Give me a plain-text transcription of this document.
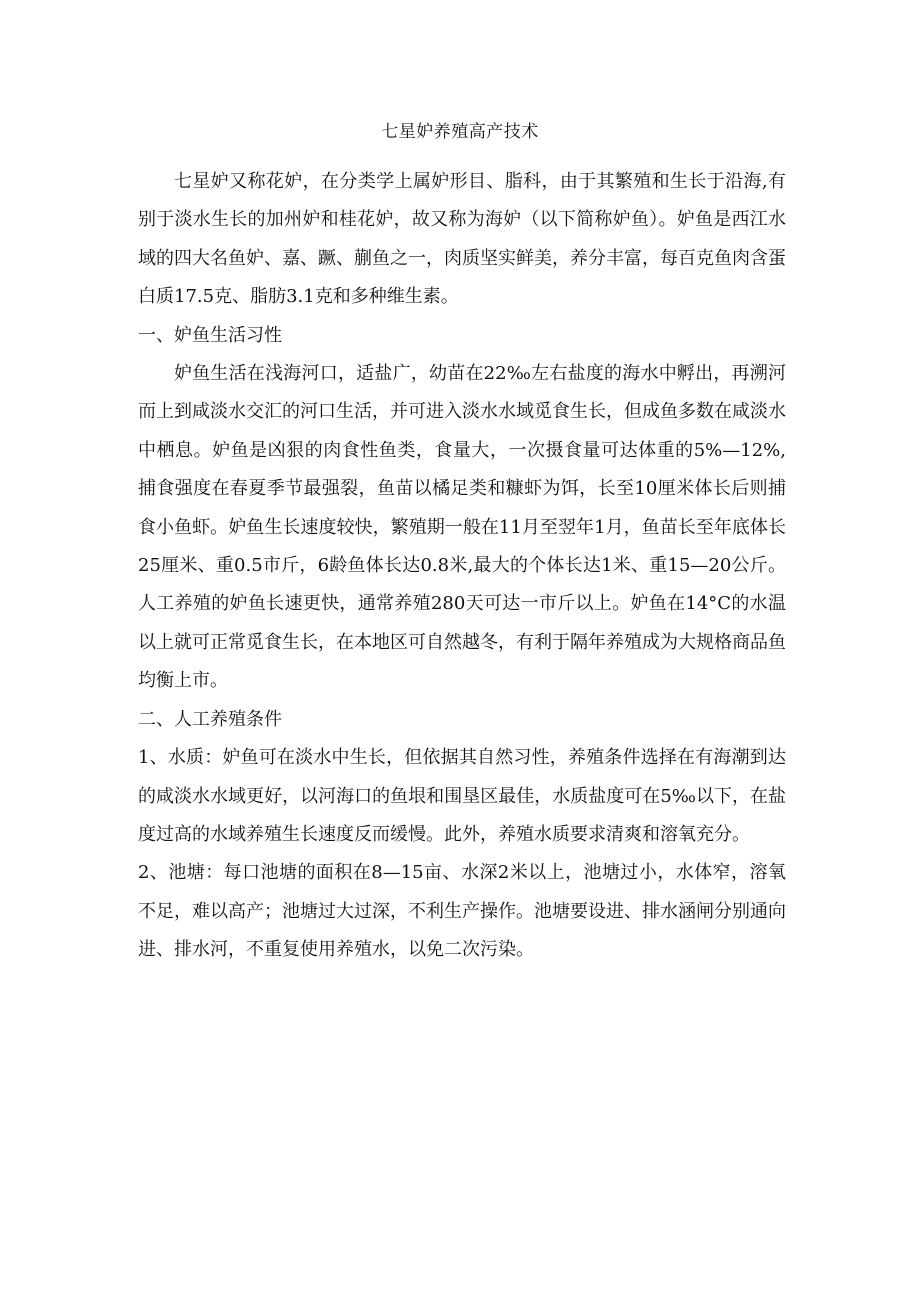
七星妒养殖高产技术

七星妒又称花妒，在分类学上属妒形目、脂科，由于其繁殖和生长于沿海,有别于淡水生长的加州妒和桂花妒，故又称为海妒（以下简称妒鱼）。妒鱼是西江水域的四大名鱼妒、嘉、蹶、蒯鱼之一，肉质坚实鲜美，养分丰富，每百克鱼肉含蛋白质17.5克、脂肪3.1克和多种维生素。

一、妒鱼生活习性

妒鱼生活在浅海河口，适盐广，幼苗在22‰左右盐度的海水中孵出，再溯河而上到咸淡水交汇的河口生活，并可进入淡水水域觅食生长，但成鱼多数在咸淡水中栖息。妒鱼是凶狠的肉食性鱼类，食量大，一次摄食量可达体重的5%—12%,捕食强度在春夏季节最强裂，鱼苗以橘足类和糠虾为饵，长至10厘米体长后则捕食小鱼虾。妒鱼生长速度较快，繁殖期一般在11月至翌年1月，鱼苗长至年底体长25厘米、重0.5市斤，6龄鱼体长达0.8米,最大的个体长达1米、重15—20公斤。人工养殖的妒鱼长速更快，通常养殖280天可达一市斤以上。妒鱼在14°C的水温以上就可正常觅食生长，在本地区可自然越冬，有利于隔年养殖成为大规格商品鱼均衡上市。

二、人工养殖条件

1、水质：妒鱼可在淡水中生长，但依据其自然习性，养殖条件选择在有海潮到达的咸淡水水域更好，以河海口的鱼垠和围垦区最佳，水质盐度可在5‰以下，在盐度过高的水域养殖生长速度反而缓慢。此外，养殖水质要求清爽和溶氧充分。

2、池塘：每口池塘的面积在8—15亩、水深2米以上，池塘过小，水体窄，溶氧不足，难以高产；池塘过大过深，不利生产操作。池塘要设进、排水涵闸分别通向进、排水河，不重复使用养殖水，以免二次污染。
